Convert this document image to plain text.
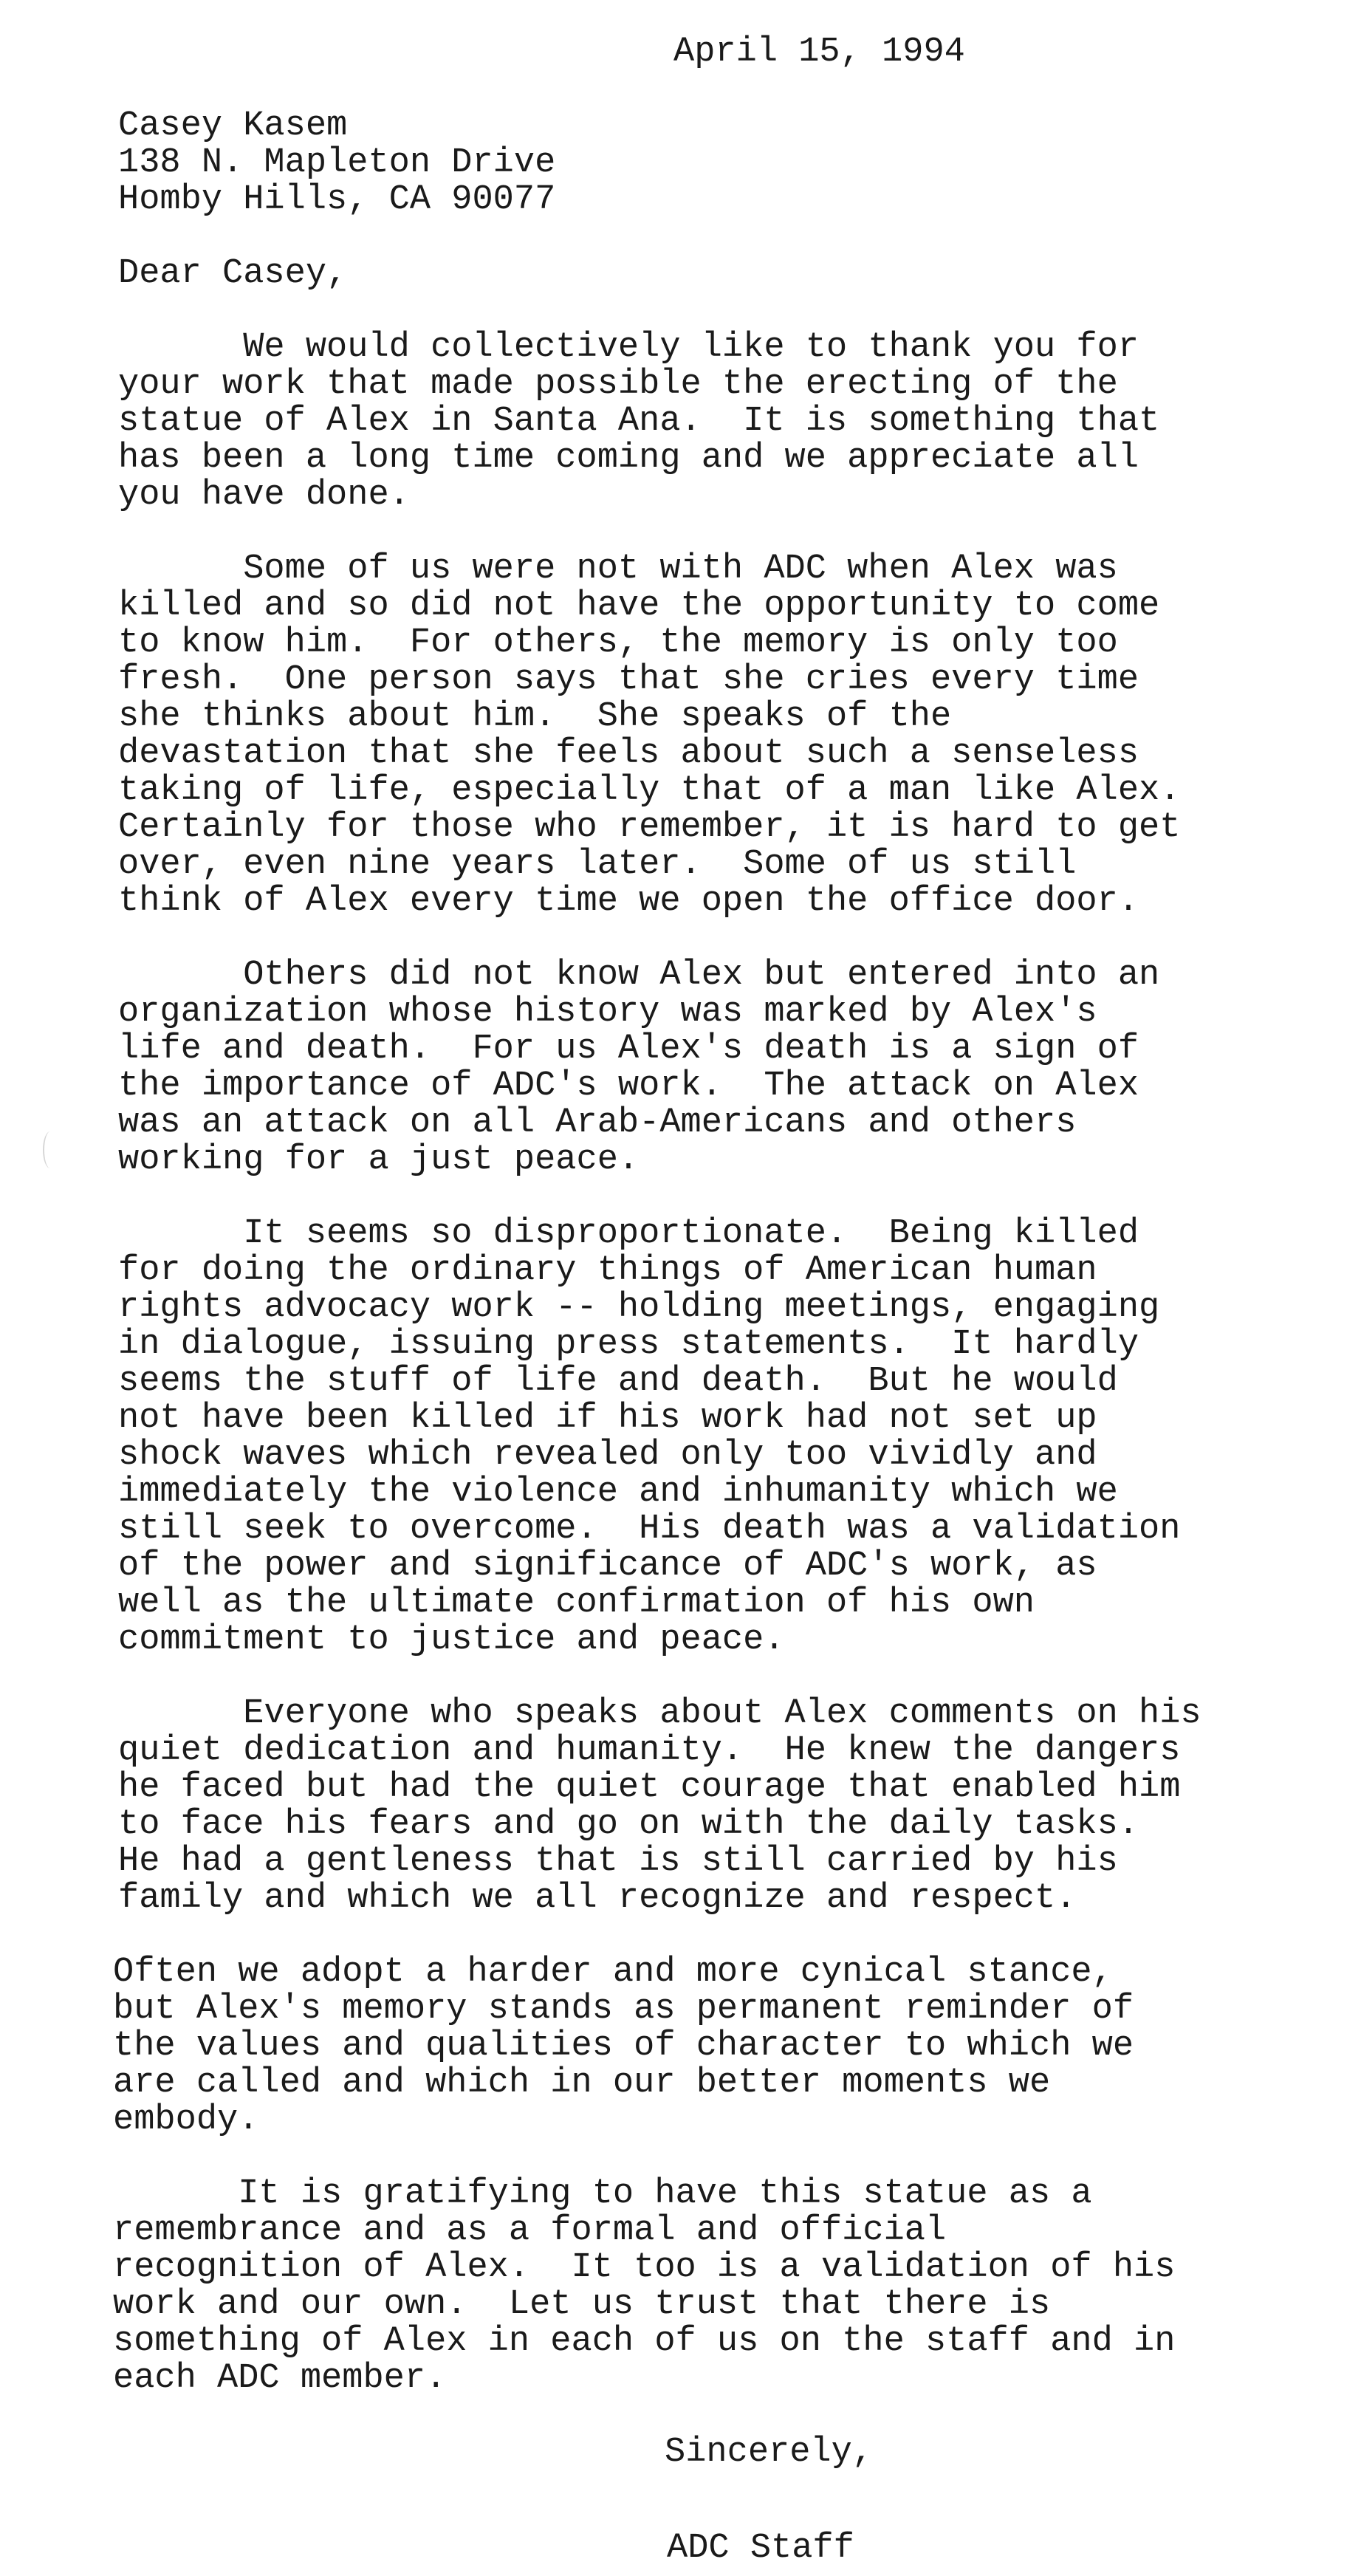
April 15, 1994

Casey Kasem

138 N. Mapleton Drive

Homby Hills, CA 90077

Dear Casey,

We would collectively like to thank you for
your work that made possible the erecting of the
statue of Alex in Santa Ana.  It is something that
has been a long time coming and we appreciate all
you have done.

Some of us were not with ADC when Alex was
killed and so did not have the opportunity to come
to know him.  For others, the memory is only too
fresh.  One person says that she cries every time
she thinks about him.  She speaks of the
devastation that she feels about such a senseless
taking of life, especially that of a man like Alex.
Certainly for those who remember, it is hard to get
over, even nine years later.  Some of us still
think of Alex every time we open the office door.

Others did not know Alex but entered into an
organization whose history was marked by Alex's
life and death.  For us Alex's death is a sign of
the importance of ADC's work.  The attack on Alex
was an attack on all Arab-Americans and others
working for a just peace.

It seems so disproportionate.  Being killed
for doing the ordinary things of American human
rights advocacy work -- holding meetings, engaging
in dialogue, issuing press statements.  It hardly
seems the stuff of life and death.  But he would
not have been killed if his work had not set up
shock waves which revealed only too vividly and
immediately the violence and inhumanity which we
still seek to overcome.  His death was a validation
of the power and significance of ADC's work, as
well as the ultimate confirmation of his own
commitment to justice and peace.

Everyone who speaks about Alex comments on his
quiet dedication and humanity.  He knew the dangers
he faced but had the quiet courage that enabled him
to face his fears and go on with the daily tasks.
He had a gentleness that is still carried by his
family and which we all recognize and respect.

Often we adopt a harder and more cynical stance,
but Alex's memory stands as permanent reminder of
the values and qualities of character to which we
are called and which in our better moments we
embody.

It is gratifying to have this statue as a
remembrance and as a formal and official
recognition of Alex.  It too is a validation of his
work and our own.  Let us trust that there is
something of Alex in each of us on the staff and in
each ADC member.

Sincerely,

ADC Staff
